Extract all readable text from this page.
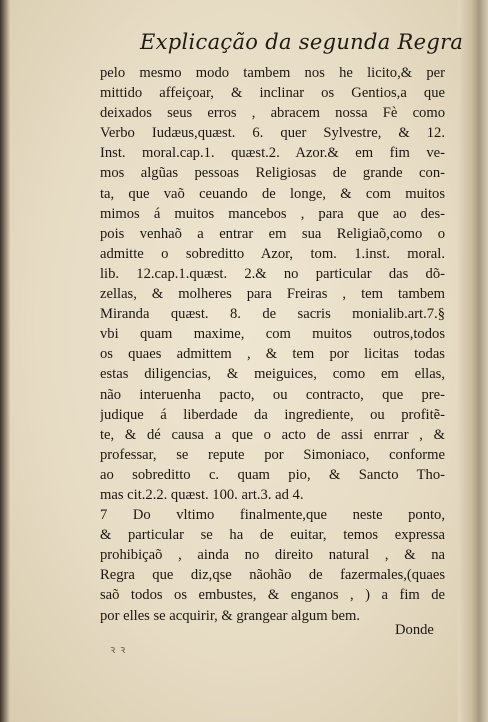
Explicação da segunda Regra
pelo mesmo modo tambem nos he licito,& per
mittido affeiçoar, & inclinar os Gentios,a que
deixados seus erros , abracem nossa Fè como
Verbo Iudæus,quæst. 6. quer Sylvestre, & 12.
Inst. moral.cap.1. quæst.2. Azor.& em fim ve-
mos algũas pessoas Religiosas de grande con-
ta, que vaõ ceuando de longe, & com muitos
mimos á muitos mancebos , para que ao des-
pois venhaõ a entrar em sua Religiaõ,como o
admitte o sobreditto Azor, tom. 1.inst. moral.
lib. 12.cap.1.quæst. 2.& no particular das dõ-
zellas, & molheres para Freiras , tem tambem
Miranda quæst. 8. de sacris monialib.art.7.§
vbi quam maxime, com muitos outros,todos
os quaes admittem , & tem por licitas todas
estas diligencias, & meiguices, como em ellas,
não interuenha pacto, ou contracto, que pre-
judique á liberdade da ingrediente, ou profitẽ-
te, & dé causa a que o acto de assi enrrar , &
professar, se repute por Simoniaco, conforme
ao sobreditto c. quam pio, & Sancto Tho-
mas cit.2.2. quæst. 100. art.3. ad 4.
7 Do vltimo finalmente,que neste ponto,
& particular se ha de euitar, temos expressa
prohibiçaõ , ainda no direito natural , & na
Regra que diz,qse nãohão de fazermales,(quaes
saõ todos os embustes, & enganos , ) a fim de
por elles se acquirir, & grangear algum bem.
Donde
ꝛ ꝛ
